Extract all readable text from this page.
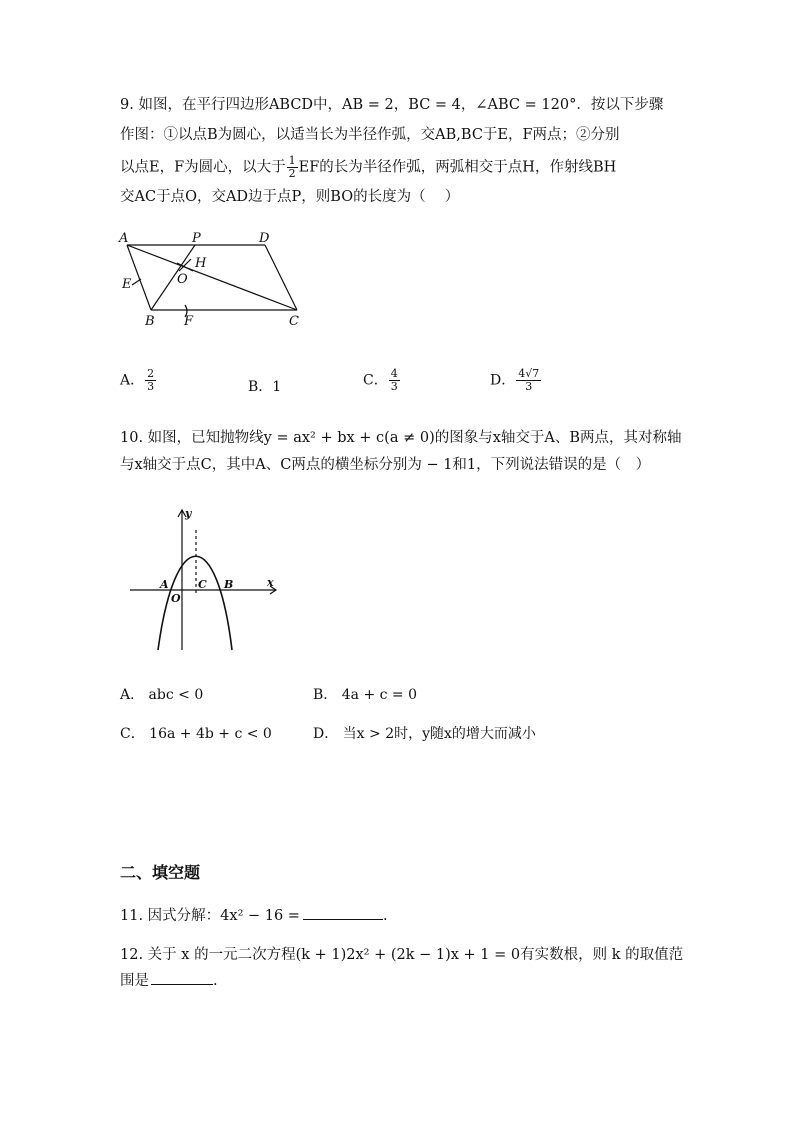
9. 如图，在平行四边形ABCD中，AB = 2，BC = 4，∠ABC = 120°．按以下步骤
作图：①以点B为圆心，以适当长为半径作弧，交AB,BC于E，F两点；②分别
以点E，F为圆心，以大于 $\frac{1}{2}$ EF的长为半径作弧，两弧相交于点H，作射线BH
交AC于点O，交AD边于点P，则BO的长度为（　 ）
A	P	D
H
O
E
B F	C
A． $\frac{2}{3}$	B．1	C． $\frac{4}{3}$	D． $\frac{4√7}{3}$
10. 如图，已知抛物线y = ax² + bx + c(a ≠ 0)的图象与x轴交于A、B两点，其对称轴
与x轴交于点C，其中A、C两点的横坐标分别为 − 1和1，下列说法错误的是（　）
y
x
A
O
C B
A． abc < 0	B． 4a + c = 0
C． 16a + 4b + c < 0	D． 当x > 2时，y随x的增大而减小
二、填空题
11. 因式分解：4x² − 16 =	.
12. 关于 x 的一元二次方程(k + 1)2x² + (2k − 1)x + 1 = 0有实数根，则 k 的取值范
围是	.
